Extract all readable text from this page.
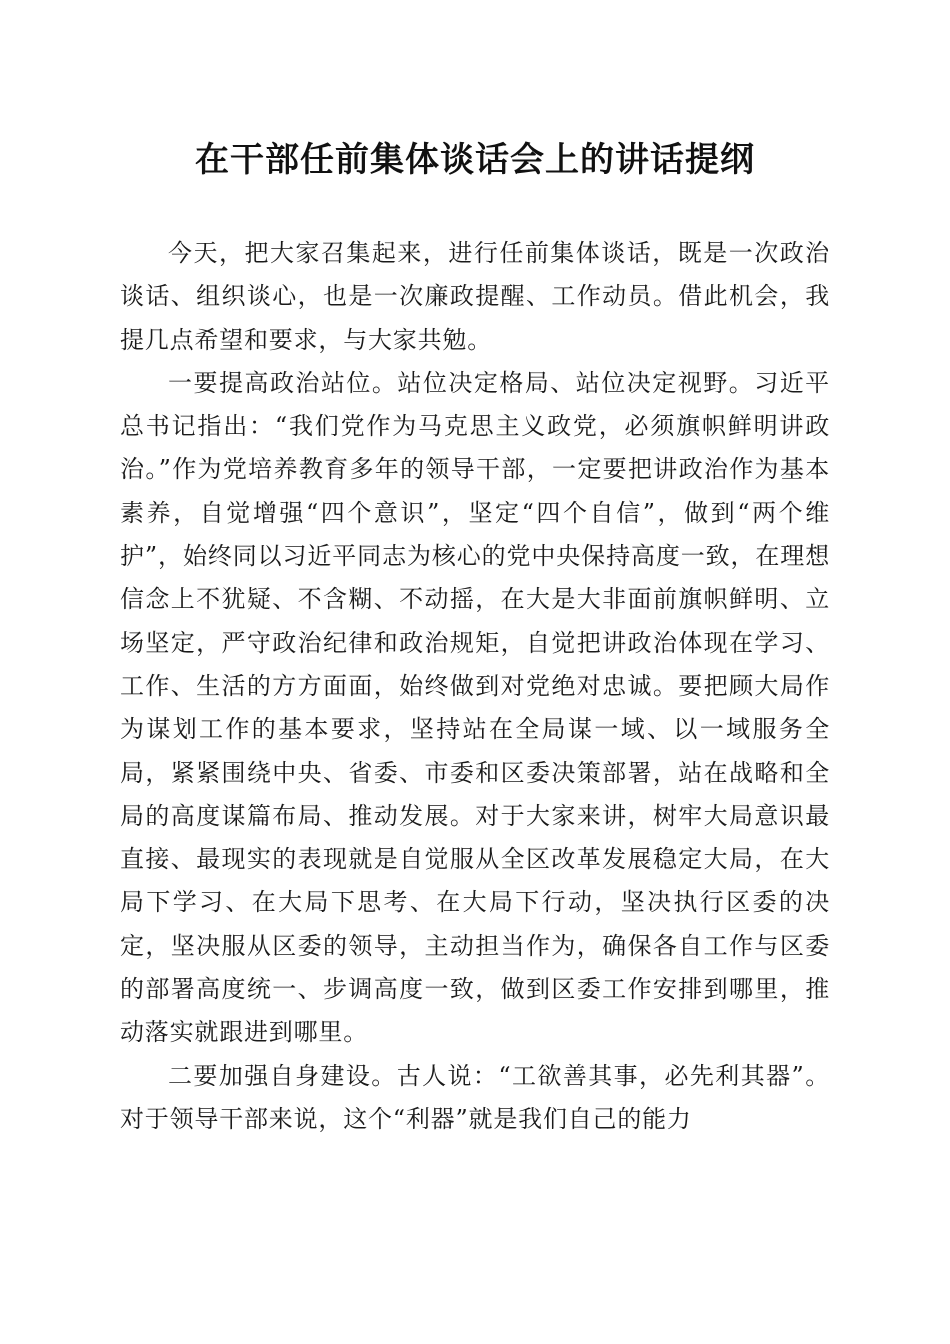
在干部任前集体谈话会上的讲话提纲

今天，把大家召集起来，进行任前集体谈话，既是一次政治谈话、组织谈心，也是一次廉政提醒、工作动员。借此机会，我提几点希望和要求，与大家共勉。

一要提高政治站位。站位决定格局、站位决定视野。习近平总书记指出：“我们党作为马克思主义政党，必须旗帜鲜明讲政治。”作为党培养教育多年的领导干部，一定要把讲政治作为基本素养，自觉增强“四个意识”，坚定“四个自信”，做到“两个维护”，始终同以习近平同志为核心的党中央保持高度一致，在理想信念上不犹疑、不含糊、不动摇，在大是大非面前旗帜鲜明、立场坚定，严守政治纪律和政治规矩，自觉把讲政治体现在学习、工作、生活的方方面面，始终做到对党绝对忠诚。要把顾大局作为谋划工作的基本要求，坚持站在全局谋一域、以一域服务全局，紧紧围绕中央、省委、市委和区委决策部署，站在战略和全局的高度谋篇布局、推动发展。对于大家来讲，树牢大局意识最直接、最现实的表现就是自觉服从全区改革发展稳定大局，在大局下学习、在大局下思考、在大局下行动，坚决执行区委的决定，坚决服从区委的领导，主动担当作为，确保各自工作与区委的部署高度统一、步调高度一致，做到区委工作安排到哪里，推动落实就跟进到哪里。

二要加强自身建设。古人说：“工欲善其事，必先利其器”。对于领导干部来说，这个“利器”就是我们自己的能力
